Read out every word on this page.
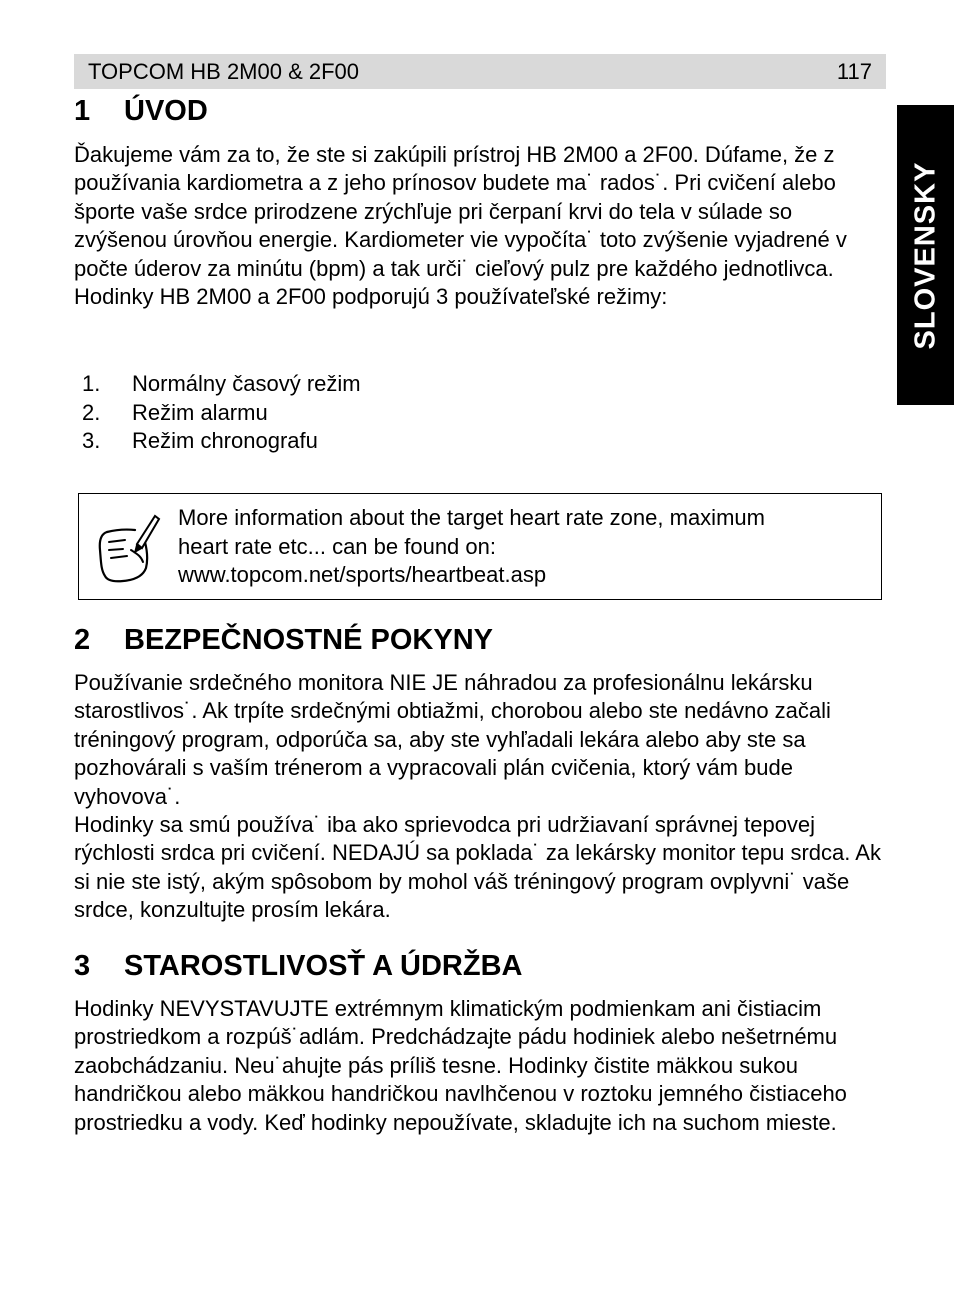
TOPCOM HB 2M00 & 2F00	117
SLOVENSKY
1	ÚVOD

Ďakujeme vám za to, že ste si zakúpili prístroj HB 2M00 a 2F00. Dúfame, že z používania kardiometra a z jeho prínosov budete ma˙ rados˙. Pri cvičení alebo športe vaše srdce prirodzene zrýchľuje pri čerpaní krvi do tela v súlade so zvýšenou úrovňou energie. Kardiometer vie vypočíta˙ toto zvýšenie vyjadrené v počte úderov za minútu (bpm) a tak urči˙ cieľový pulz pre každého jednotlivca. Hodinky HB 2M00 a 2F00 podporujú 3 používateľské režimy:

1.	Normálny časový režim
2.	Režim alarmu
3.	Režim chronografu
More information about the target heart rate zone, maximum
heart rate etc... can be found on:
www.topcom.net/sports/heartbeat.asp
2	BEZPEČNOSTNÉ POKYNY

Používanie srdečného monitora NIE JE náhradou za profesionálnu lekársku starostlivos˙. Ak trpíte srdečnými obtiažmi, chorobou alebo ste nedávno začali tréningový program, odporúča sa, aby ste vyhľadali lekára alebo aby ste sa pozhovárali s vaším trénerom a vypracovali plán cvičenia, ktorý vám bude vyhovova˙.

Hodinky sa smú používa˙ iba ako sprievodca pri udržiavaní správnej tepovej rýchlosti srdca pri cvičení. NEDAJÚ sa poklada˙ za lekársky monitor tepu srdca. Ak si nie ste istý, akým spôsobom by mohol váš tréningový program ovplyvni˙ vaše srdce, konzultujte prosím lekára.

3	STAROSTLIVOSŤ A ÚDRŽBA

Hodinky NEVYSTAVUJTE extrémnym klimatickým podmienkam ani čistiacim prostriedkom a rozpúš˙adlám. Predchádzajte pádu hodiniek alebo nešetrnému zaobchádzaniu. Neu˙ahujte pás príliš tesne. Hodinky čistite mäkkou sukou handričkou alebo mäkkou handričkou navlhčenou v roztoku jemného čistiaceho prostriedku a vody. Keď hodinky nepoužívate, skladujte ich na suchom mieste.
